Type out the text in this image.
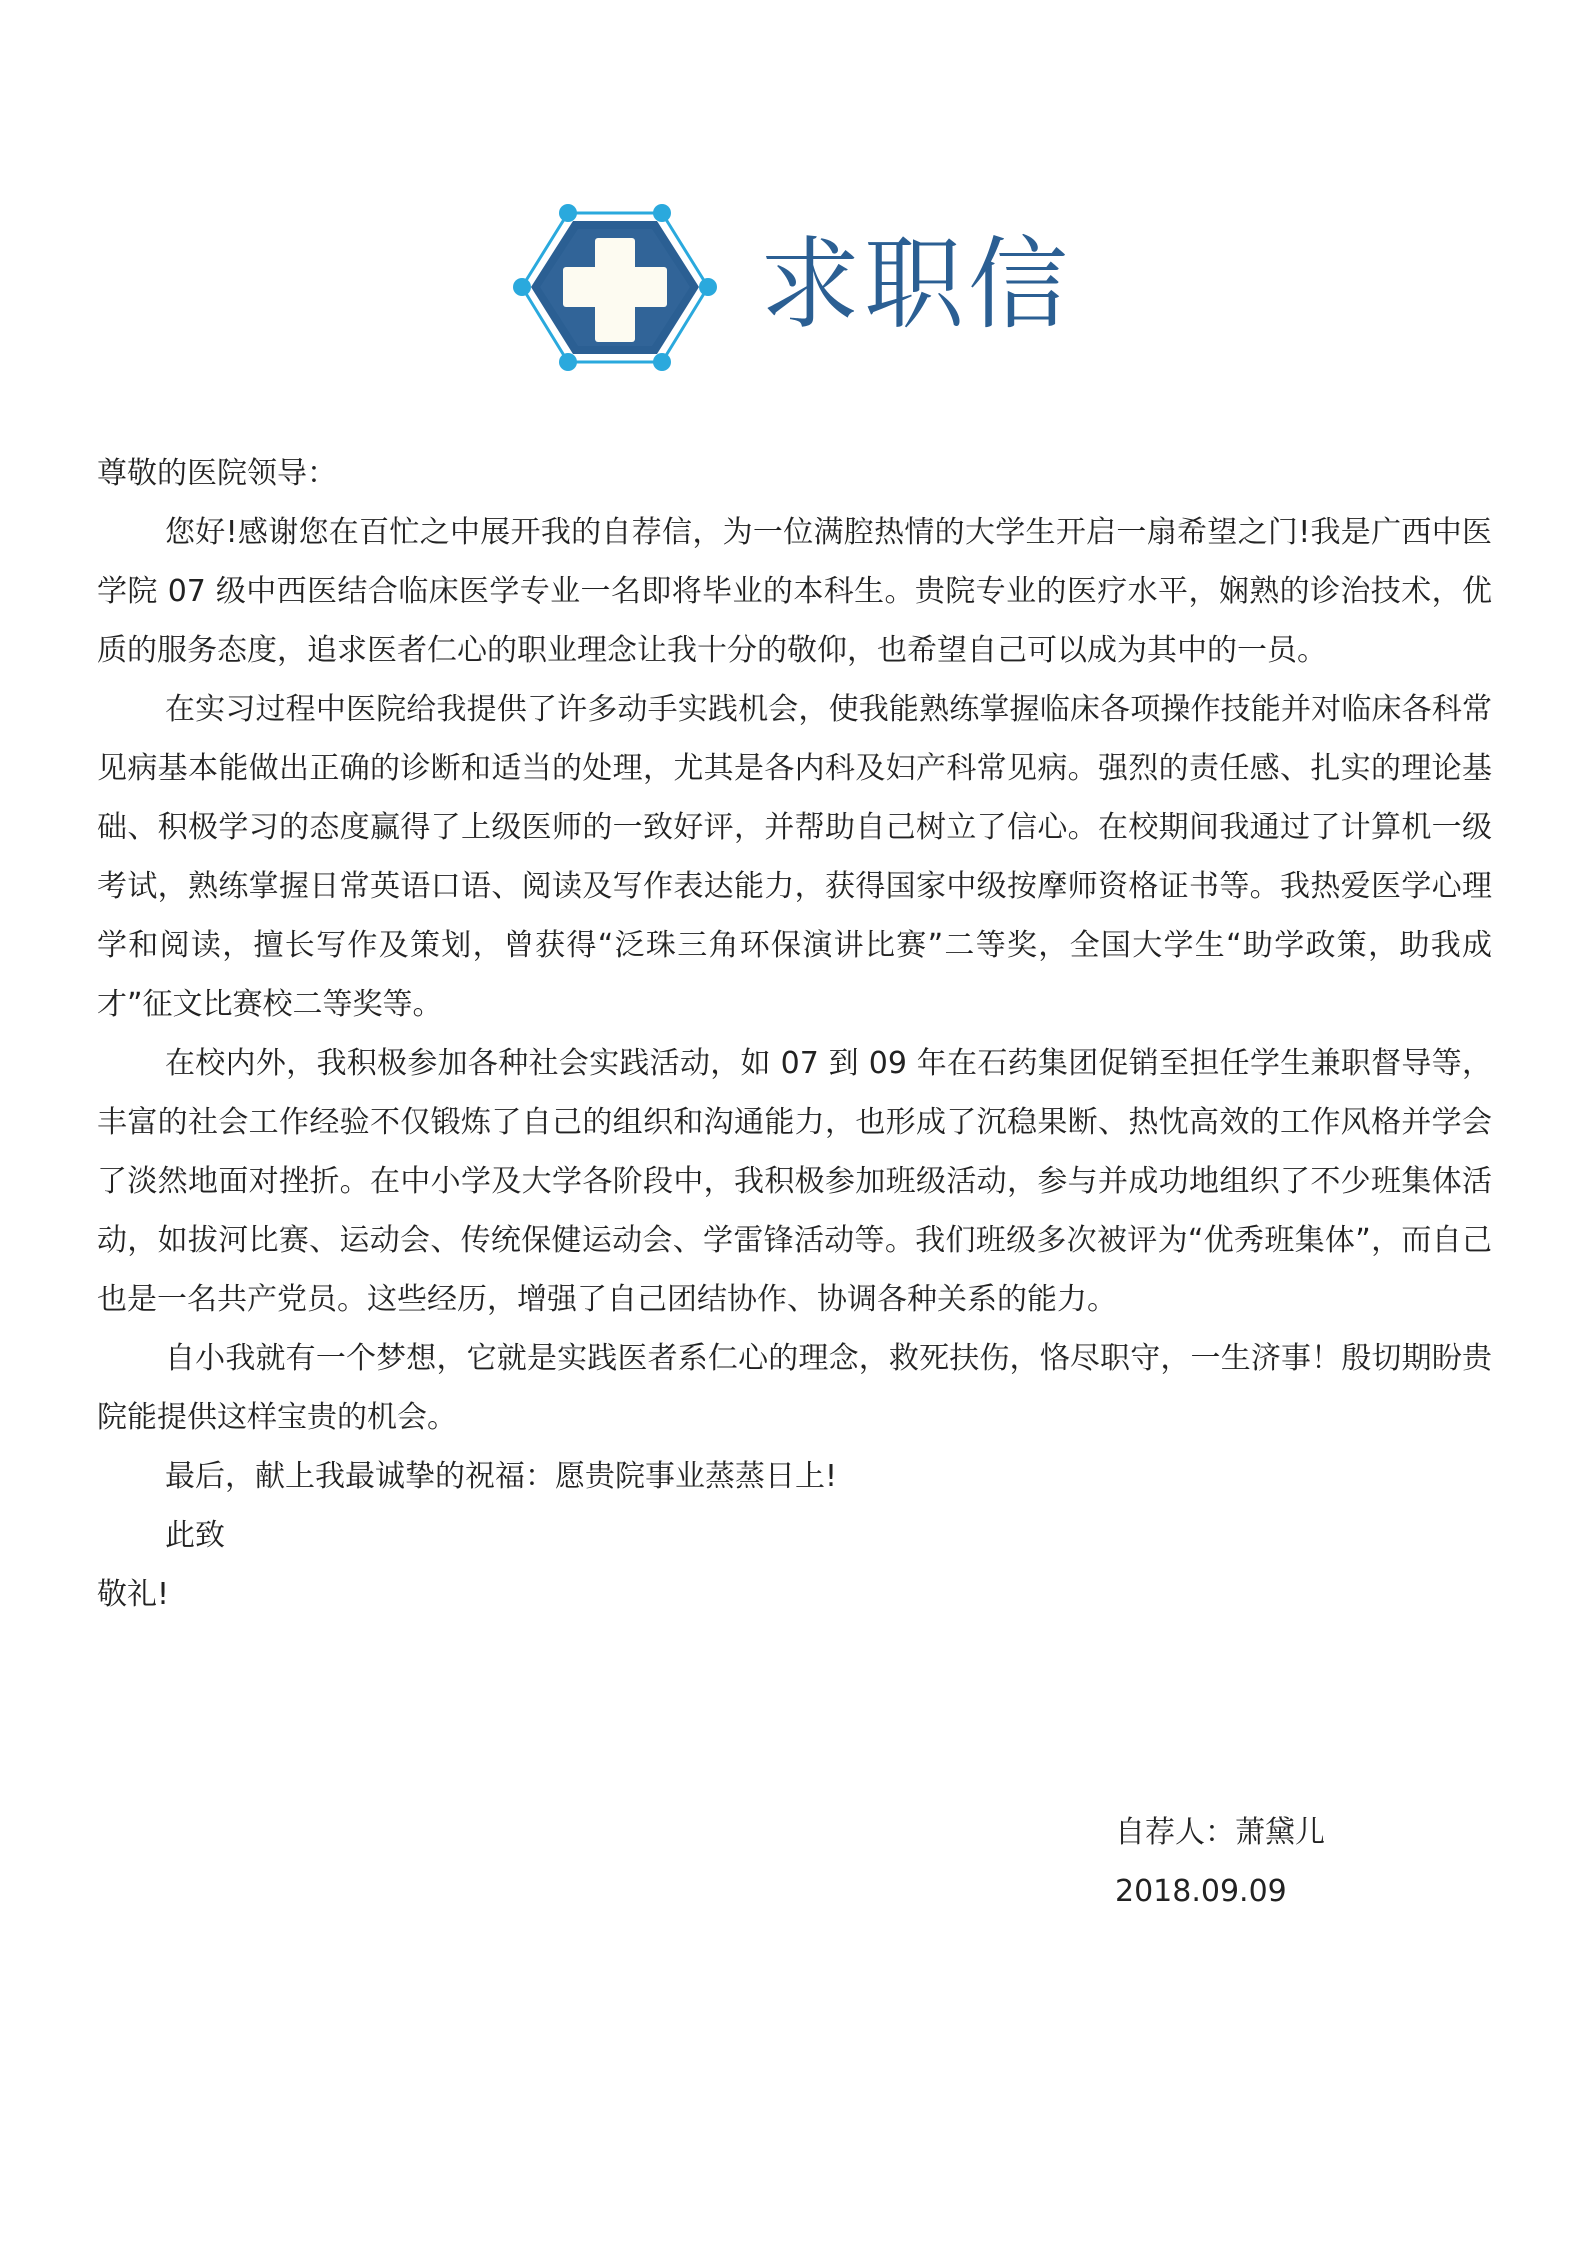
求职信

尊敬的医院领导：

您好!感谢您在百忙之中展开我的自荐信，为一位满腔热情的大学生开启一扇希望之门!我是广西中医学院 07 级中西医结合临床医学专业一名即将毕业的本科生。贵院专业的医疗水平，娴熟的诊治技术，优质的服务态度，追求医者仁心的职业理念让我十分的敬仰，也希望自己可以成为其中的一员。

在实习过程中医院给我提供了许多动手实践机会，使我能熟练掌握临床各项操作技能并对临床各科常见病基本能做出正确的诊断和适当的处理，尤其是各内科及妇产科常见病。强烈的责任感、扎实的理论基础、积极学习的态度赢得了上级医师的一致好评，并帮助自己树立了信心。在校期间我通过了计算机一级考试，熟练掌握日常英语口语、阅读及写作表达能力，获得国家中级按摩师资格证书等。我热爱医学心理学和阅读，擅长写作及策划，曾获得“泛珠三角环保演讲比赛”二等奖，全国大学生“助学政策，助我成才”征文比赛校二等奖等。

在校内外，我积极参加各种社会实践活动，如 07 到 09 年在石药集团促销至担任学生兼职督导等，丰富的社会工作经验不仅锻炼了自己的组织和沟通能力，也形成了沉稳果断、热忱高效的工作风格并学会了淡然地面对挫折。在中小学及大学各阶段中，我积极参加班级活动，参与并成功地组织了不少班集体活动，如拔河比赛、运动会、传统保健运动会、学雷锋活动等。我们班级多次被评为“优秀班集体”，而自己也是一名共产党员。这些经历，增强了自己团结协作、协调各种关系的能力。

自小我就有一个梦想，它就是实践医者系仁心的理念，救死扶伤，恪尽职守，一生济事！殷切期盼贵院能提供这样宝贵的机会。

最后，献上我最诚挚的祝福：愿贵院事业蒸蒸日上!

此致

敬礼!

自荐人：萧黛儿
2018.09.09
